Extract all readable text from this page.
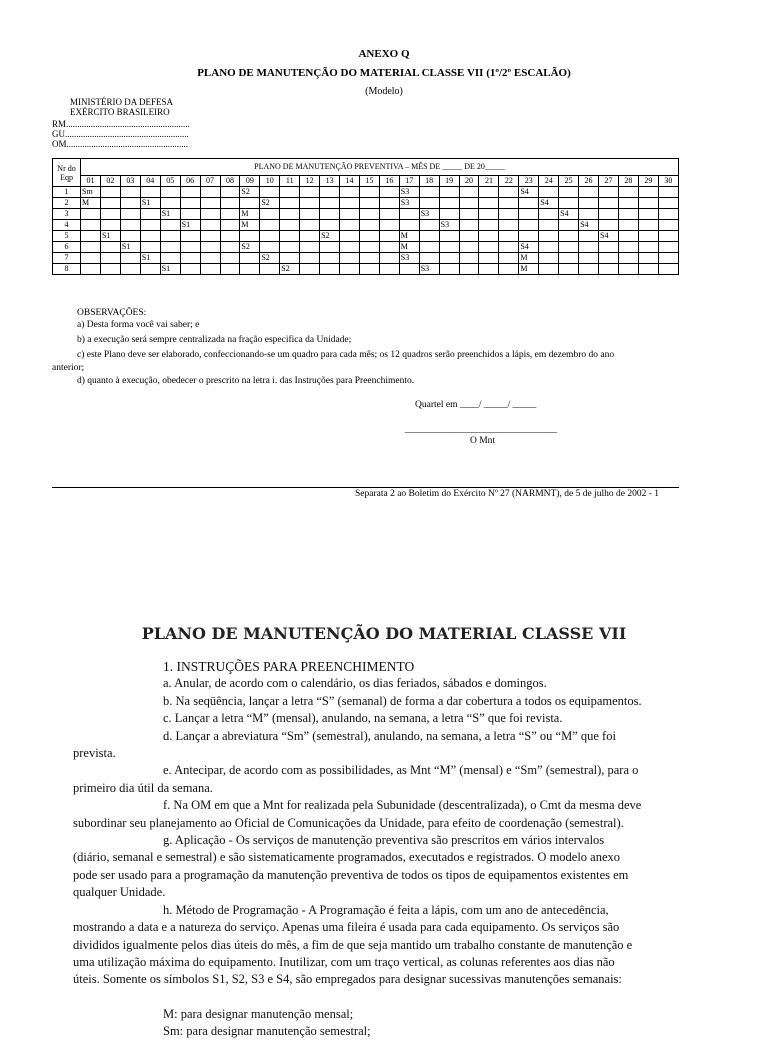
ANEXO Q
PLANO DE MANUTENÇÃO DO MATERIAL CLASSE VII (1º/2º ESCALÃO)
(Modelo)
MINISTÉRIO DA DEFESA
EXÉRCITO BRASILEIRO
RM.......................................................
GU.......................................................
OM......................................................
Nr do Eqp	PLANO DE MANUTENÇÃO PREVENTIVA – MÊS DE _____ DE 20_____																													
	01	02	03	04	05	06	07	08	09	10	11	12	13	14	15	16	17	18	19	20	21	22	23	24	25	26	27	28	29	30
1	Sm								S2								S3						S4							
2	M			S1						S2							S3							S4						
3					S1				M									S3							S4					
4						S1			M										S3							S4				
5		S1											S2				M										S4			
6			S1						S2								M						S4							
7				S1						S2							S3						M							
8					S1						S2							S3					M							
OBSERVAÇÕES:
a) Desta forma você vai saber; e
b) a execução será sempre centralizada na fração especifica da Unidade;
c) este Plano deve ser elaborado, confeccionando-se um quadro para cada mês; os 12 quadros serão preenchidos a lápis, em dezembro do ano
anterior;
d) quanto à execução, obedecer o prescrito na letra i. das Instruções para Preenchimento.
Quartel em ____/ _____/ _____
________________________________
O Mnt
Separata 2 ao Boletim do Exército Nº 27 (NARMNT), de 5 de julho de 2002 - 1
PLANO DE MANUTENÇÃO DO MATERIAL CLASSE VII
1. INSTRUÇÕES PARA PREENCHIMENTO
a. Anular, de acordo com o calendário, os dias feriados, sábados e domingos.
b. Na seqüência, lançar a letra “S” (semanal) de forma a dar cobertura a todos os equipamentos.
c. Lançar a letra “M” (mensal), anulando, na semana, a letra “S” que foi revista.
d. Lançar a abreviatura “Sm” (semestral), anulando, na semana, a letra “S” ou “M” que foi
prevista.
e. Antecipar, de acordo com as possibilidades, as Mnt “M” (mensal) e “Sm” (semestral), para o
primeiro dia útil da semana.
f. Na OM em que a Mnt for realizada pela Subunidade (descentralizada), o Cmt da mesma deve
subordinar seu planejamento ao Oficial de Comunicações da Unidade, para efeito de coordenação (semestral).
g. Aplicação - Os serviços de manutenção preventiva são prescritos em vários intervalos
(diário, semanal e semestral) e são sistematicamente programados, executados e registrados. O modelo anexo
pode ser usado para a programação da manutenção preventiva de todos os tipos de equipamentos existentes em
qualquer Unidade.
h. Método de Programação - A Programação é feita a lápis, com um ano de antecedência,
mostrando a data e a natureza do serviço. Apenas uma fileira é usada para cada equipamento. Os serviços são
divididos igualmente pelos dias úteis do mês, a fim de que seja mantido um trabalho constante de manutenção e
uma utilização máxima do equipamento. Inutilizar, com um traço vertical, as colunas referentes aos dias não
úteis. Somente os símbolos S1, S2, S3 e S4, são empregados para designar sucessivas manutenções semanais:
M: para designar manutenção mensal;
Sm: para designar manutenção semestral;
